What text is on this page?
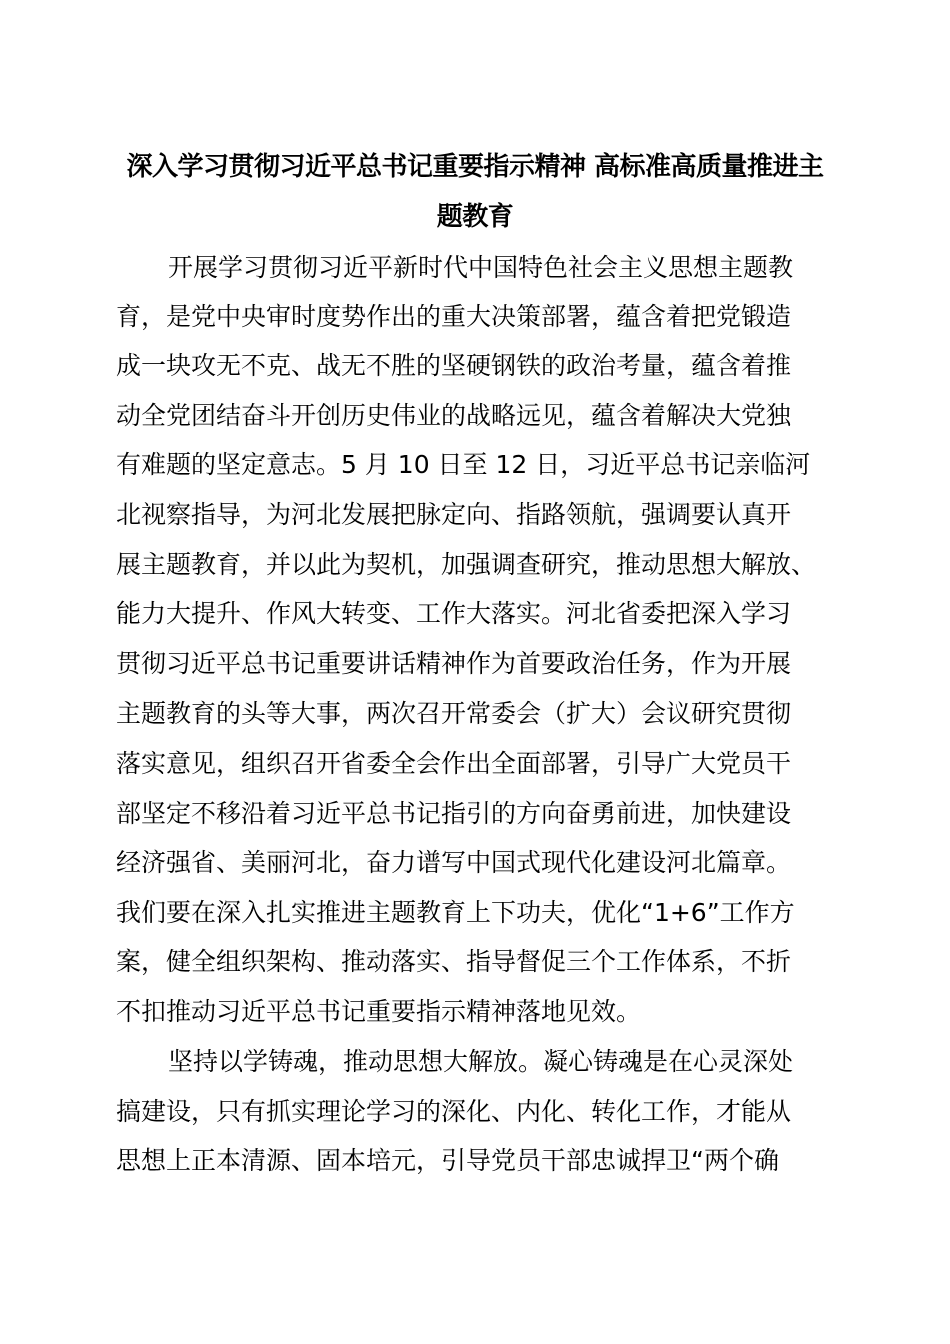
深入学习贯彻习近平总书记重要指示精神 高标准高质量推进主
题教育
开展学习贯彻习近平新时代中国特色社会主义思想主题教
育，是党中央审时度势作出的重大决策部署，蕴含着把党锻造
成一块攻无不克、战无不胜的坚硬钢铁的政治考量，蕴含着推
动全党团结奋斗开创历史伟业的战略远见，蕴含着解决大党独
有难题的坚定意志。5 月 10 日至 12 日，习近平总书记亲临河
北视察指导，为河北发展把脉定向、指路领航，强调要认真开
展主题教育，并以此为契机，加强调查研究，推动思想大解放、
能力大提升、作风大转变、工作大落实。河北省委把深入学习
贯彻习近平总书记重要讲话精神作为首要政治任务，作为开展
主题教育的头等大事，两次召开常委会（扩大）会议研究贯彻
落实意见，组织召开省委全会作出全面部署，引导广大党员干
部坚定不移沿着习近平总书记指引的方向奋勇前进，加快建设
经济强省、美丽河北，奋力谱写中国式现代化建设河北篇章。
我们要在深入扎实推进主题教育上下功夫，优化“1+6”工作方
案，健全组织架构、推动落实、指导督促三个工作体系，不折
不扣推动习近平总书记重要指示精神落地见效。
坚持以学铸魂，推动思想大解放。凝心铸魂是在心灵深处
搞建设，只有抓实理论学习的深化、内化、转化工作，才能从
思想上正本清源、固本培元，引导党员干部忠诚捍卫“两个确
